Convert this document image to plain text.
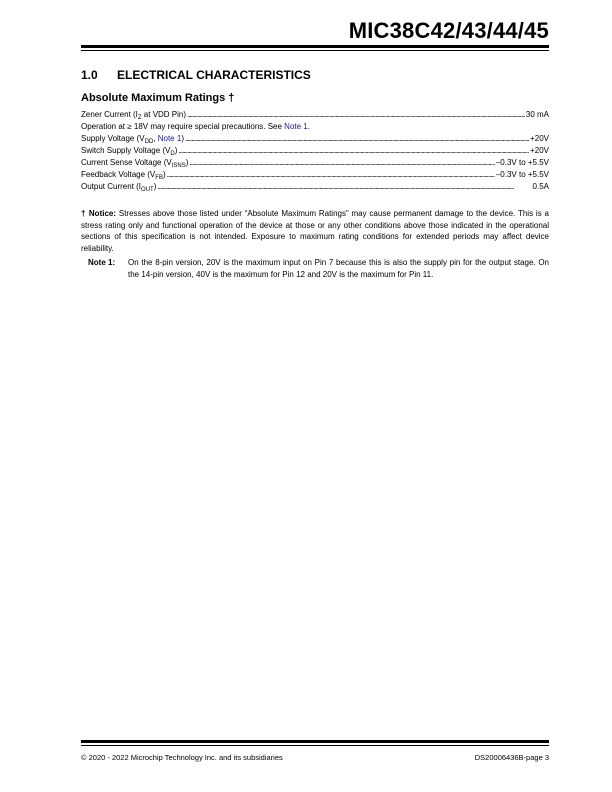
MIC38C42/43/44/45
1.0 ELECTRICAL CHARACTERISTICS
Absolute Maximum Ratings †
Zener Current ($I_Z$ at VDD Pin) . . .	30 mA
Operation at ≥ 18V may require special precautions. See Note 1.
Supply Voltage ($V_{DD}$, Note 1) . . .	+20V
Switch Supply Voltage $(V_D)$ . . .	+20V
Current Sense Voltage $(V_{ISNS})$ . . .	–0.3V to +5.5V
Feedback Voltage $(V_{FB})$ . . .	–0.3V to +5.5V
Output Current $(I_{OUT})$ . . .	0.5A
† Notice: Stresses above those listed under “Absolute Maximum Ratings” may cause permanent damage to the device. This is a stress rating only and functional operation of the device at those or any other conditions above those indicated in the operational sections of this specification is not intended. Exposure to maximum rating conditions for extended periods may affect device reliability.
Note 1:	On the 8-pin version, 20V is the maximum input on Pin 7 because this is also the supply pin for the output stage. On the 14-pin version, 40V is the maximum for Pin 12 and 20V is the maximum for Pin 11.
© 2020 - 2022 Microchip Technology Inc. and its subsidiaries	DS20006436B-page 3
